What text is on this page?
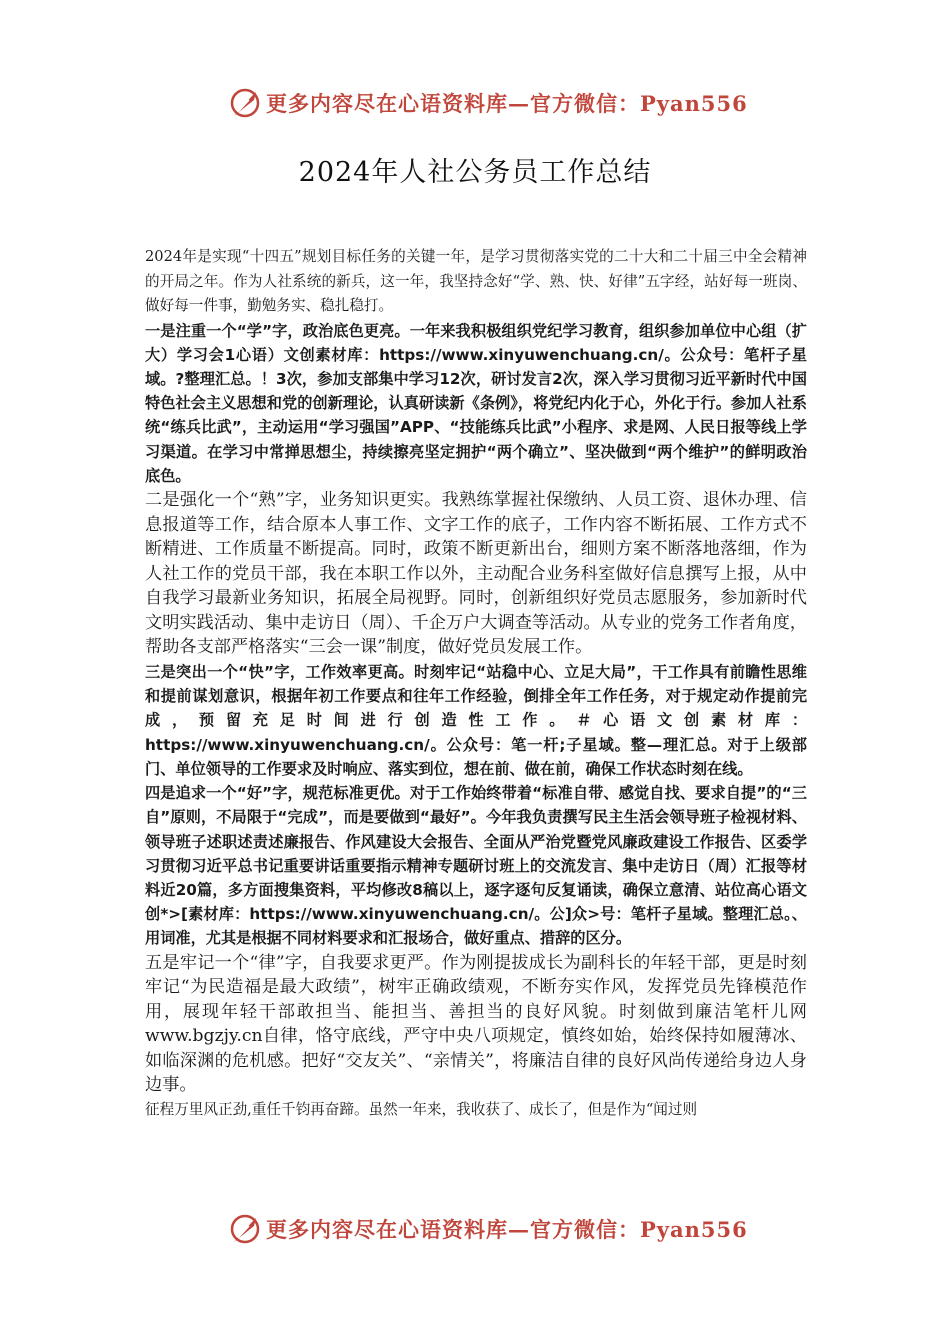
更多内容尽在心语资料库—官方微信：Pyan556
2024年人社公务员工作总结

2024年是实现“十四五”规划目标任务的关键一年，是学习贯彻落实党的二十大和二十届三中全会精神的开局之年。作为人社系统的新兵，这一年，我坚持念好“学、熟、快、好律”五字经，站好每一班岗、做好每一件事，勤勉务实、稳扎稳打。

一是注重一个“学”字，政治底色更亮。一年来我积极组织党纪学习教育，组织参加单位中心组（扩大）学习会1心语）文创素材库：https://www.xinyuwenchuang.cn/。公众号：笔杆子星域。?整理汇总。！3次，参加支部集中学习12次，研讨发言2次，深入学习贯彻习近平新时代中国特色社会主义思想和党的创新理论，认真研读新《条例》，将党纪内化于心，外化于行。参加人社系统“练兵比武”，主动运用“学习强国”APP、“技能练兵比武”小程序、求是网、人民日报等线上学习渠道。在学习中常掸思想尘，持续擦亮坚定拥护“两个确立”、坚决做到“两个维护”的鲜明政治底色。

二是强化一个“熟”字，业务知识更实。我熟练掌握社保缴纳、人员工资、退休办理、信息报道等工作，结合原本人事工作、文字工作的底子，工作内容不断拓展、工作方式不断精进、工作质量不断提高。同时，政策不断更新出台，细则方案不断落地落细，作为人社工作的党员干部，我在本职工作以外，主动配合业务科室做好信息撰写上报，从中自我学习最新业务知识，拓展全局视野。同时，创新组织好党员志愿服务，参加新时代文明实践活动、集中走访日（周）、千企万户大调查等活动。从专业的党务工作者角度，帮助各支部严格落实“三会一课”制度，做好党员发展工作。

三是突出一个“快”字，工作效率更高。时刻牢记“站稳中心、立足大局”，干工作具有前瞻性思维和提前谋划意识，根据年初工作要点和往年工作经验，倒排全年工作任务，对于规定动作提前完成，预留充足时间进行创造性工作。＃心语文创素材库：https://www.xinyuwenchuang.cn/。公众号：笔一杆;子星域。整—理汇总。对于上级部门、单位领导的工作要求及时响应、落实到位，想在前、做在前，确保工作状态时刻在线。

四是追求一个“好”字，规范标准更优。对于工作始终带着“标准自带、感觉自找、要求自提”的“三自”原则，不局限于“完成”，而是要做到“最好”。今年我负责撰写民主生活会领导班子检视材料、领导班子述职述责述廉报告、作风建设大会报告、全面从严治党暨党风廉政建设工作报告、区委学习贯彻习近平总书记重要讲话重要指示精神专题研讨班上的交流发言、集中走访日（周）汇报等材料近20篇，多方面搜集资料，平均修改8稿以上，逐字逐句反复诵读，确保立意清、站位高心语文创*>[素材库：https://www.xinyuwenchuang.cn/。公]众>号：笔杆子星域。整理汇总。、用词准，尤其是根据不同材料要求和汇报场合，做好重点、措辞的区分。

五是牢记一个“律”字，自我要求更严。作为刚提拔成长为副科长的年轻干部，更是时刻牢记“为民造福是最大政绩”，树牢正确政绩观，不断夯实作风，发挥党员先锋模范作用，展现年轻干部敢担当、能担当、善担当的良好风貌。时刻做到廉洁笔杆儿网www.bgzjy.cn自律，恪守底线，严守中央八项规定，慎终如始，始终保持如履薄冰、如临深渊的危机感。把好“交友关”、“亲情关”，将廉洁自律的良好风尚传递给身边人身边事。

征程万里风正劲,重任千钧再奋蹄。虽然一年来，我收获了、成长了，但是作为“闻过则

更多内容尽在心语资料库—官方微信：Pyan556
